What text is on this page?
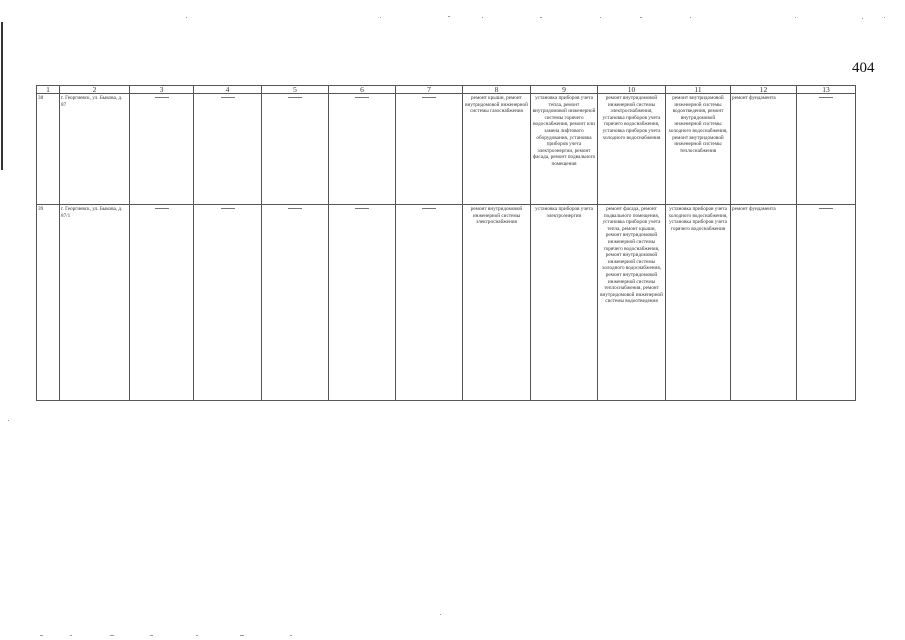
404
1	2	3	4	5	6	7	8	9	10	11	12	13
38	г. Георгиевск, ул. Быкова, д. 87						ремонт крыши, ремонт внутридомовой инженерной системы газоснабжения	установка приборов учета тепла, ремонт внутридомовой инженерной системы горячего водоснабжения, ремонт или замена лифтового оборудования, установка приборов учета электроэнергии, ремонт фасада, ремонт подвального помещения	ремонт внутридомовой инженерной системы электроснабжения, установка приборов учета горячего водоснабжения, установка приборов учета холодного водоснабжения	ремонт внутридомовой инженерной системы водоотведения, ремонт внутридомовой инженерной системы холодного водоснабжения, ремонт внутридомовой инженерной системы теплоснабжения	ремонт фундамента	

39	г. Георгиевск, ул. Быкова, д. 87/1						ремонт внутридомовой инженерной системы электроснабжения	установка приборов учета электроэнергии	ремонт фасада, ремонт подвального помещения, установка приборов учета тепла, ремонт крыши, ремонт внутридомовой инженерной системы горячего водоснабжения, ремонт внутридомовой инженерной системы холодного водоснабжения, ремонт внутридомовой инженерной системы теплоснабжения, ремонт внутридомовой инженерной системы водоотведения	установка приборов учета холодного водоснабжения, установка приборов учета горячего водоснабжения	ремонт фундамента	
